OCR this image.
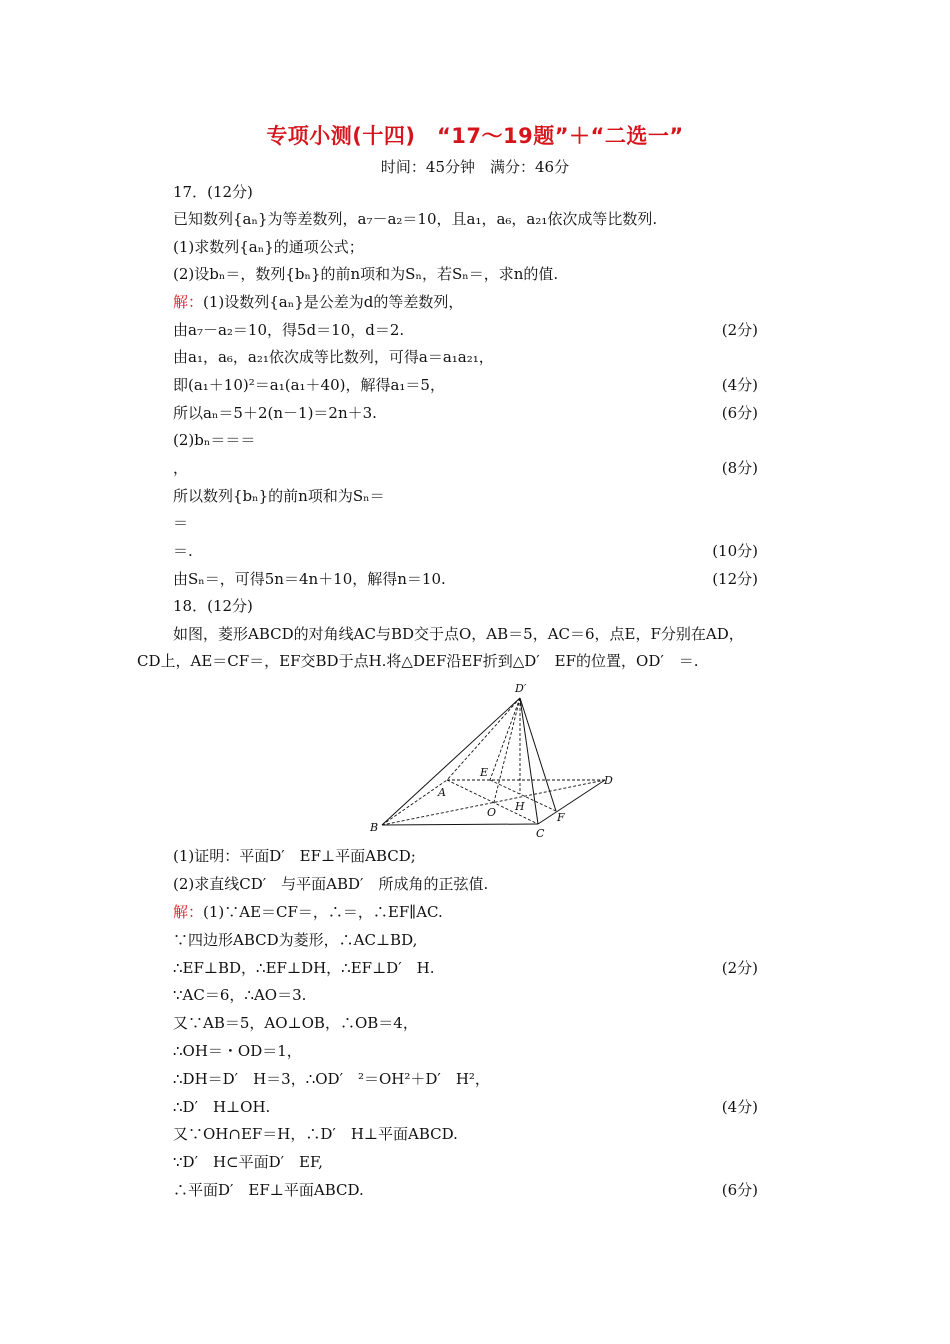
专项小测(十四)　“17～19题”＋“二选一”
时间：45分钟　满分：46分
17．(12分)
已知数列{aₙ}为等差数列，a₇－a₂＝10，且a₁，a₆，a₂₁依次成等比数列.
(1)求数列{aₙ}的通项公式；
(2)设bₙ＝，数列{bₙ}的前n项和为Sₙ，若Sₙ＝，求n的值.
解：(1)设数列{aₙ}是公差为d的等差数列，
由a₇－a₂＝10，得5d＝10，d＝2.	(2分)
由a₁，a₆，a₂₁依次成等比数列，可得a＝a₁a₂₁，
即(a₁＋10)²＝a₁(a₁＋40)，解得a₁＝5，	(4分)
所以aₙ＝5＋2(n－1)＝2n＋3.	(6分)
(2)bₙ＝＝＝
，	(8分)
所以数列{bₙ}的前n项和为Sₙ＝
＝
＝.	(10分)
由Sₙ＝，可得5n＝4n＋10，解得n＝10.	(12分)
18．(12分)
如图，菱形ABCD的对角线AC与BD交于点O，AB＝5，AC＝6，点E，F分别在AD，CD上，AE＝CF＝，EF交BD于点H.将△DEF沿EF折到△D′　EF的位置，OD′　＝.
D′
A
B	C
D
E
F
H
O
(1)证明：平面D′　EF⊥平面ABCD;
(2)求直线CD′　与平面ABD′　所成角的正弦值.
解：(1)∵AE＝CF＝，∴＝，∴EF∥AC.
∵四边形ABCD为菱形，∴AC⊥BD,
∴EF⊥BD，∴EF⊥DH，∴EF⊥D′　H.	(2分)
∵AC＝6，∴AO＝3.
又∵AB＝5，AO⊥OB，∴OB＝4，
∴OH＝・OD＝1，
∴DH＝D′　H＝3，∴OD′　²＝OH²＋D′　H²，
∴D′　H⊥OH.	(4分)
又∵OH∩EF＝H，∴D′　H⊥平面ABCD.
∵D′　H⊂平面D′　EF,
∴平面D′　EF⊥平面ABCD.	(6分)
